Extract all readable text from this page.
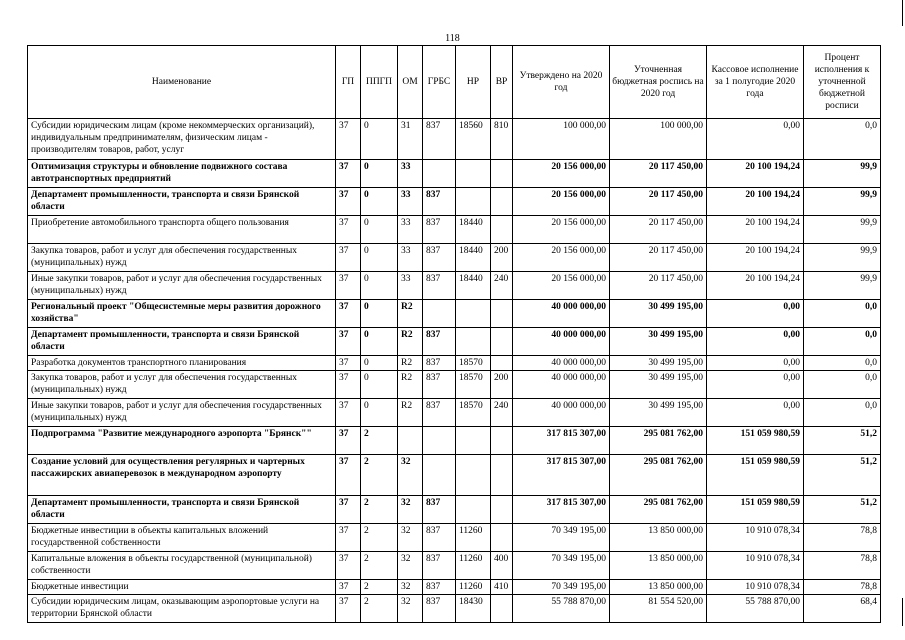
118
Наименование	ГП	ППГП	ОМ	ГРБС	НР	ВР	Утверждено на 2020 год	Уточненная бюджетная роспись на 2020 год	Кассовое исполнение за 1 полугодие 2020 года	Процент исполнения к уточненной бюджетной росписи
Субсидии юридическим лицам (кроме некоммерческих организаций), индивидуальным предпринимателям, физическим лицам - производителям товаров, работ, услуг	37	0	31	837	18560	810	100 000,00	100 000,00	0,00	0,0
Оптимизация структуры и обновление подвижного состава автотранспортных предприятий	37	0	33				20 156 000,00	20 117 450,00	20 100 194,24	99,9
Департамент промышленности, транспорта и связи Брянской области	37	0	33	837			20 156 000,00	20 117 450,00	20 100 194,24	99,9
Приобретение автомобильного транспорта общего пользования	37	0	33	837	18440		20 156 000,00	20 117 450,00	20 100 194,24	99,9
Закупка товаров, работ и услуг для обеспечения государственных (муниципальных) нужд	37	0	33	837	18440	200	20 156 000,00	20 117 450,00	20 100 194,24	99,9
Иные закупки товаров, работ и услуг для обеспечения государственных (муниципальных) нужд	37	0	33	837	18440	240	20 156 000,00	20 117 450,00	20 100 194,24	99,9
Региональный проект "Общесистемные меры развития дорожного хозяйства"	37	0	R2				40 000 000,00	30 499 195,00	0,00	0,0
Департамент промышленности, транспорта и связи Брянской области	37	0	R2	837			40 000 000,00	30 499 195,00	0,00	0,0
Разработка документов транспортного планирования	37	0	R2	837	18570		40 000 000,00	30 499 195,00	0,00	0,0
Закупка товаров, работ и услуг для обеспечения государственных (муниципальных) нужд	37	0	R2	837	18570	200	40 000 000,00	30 499 195,00	0,00	0,0
Иные закупки товаров, работ и услуг для обеспечения государственных (муниципальных) нужд	37	0	R2	837	18570	240	40 000 000,00	30 499 195,00	0,00	0,0
Подпрограмма "Развитие международного аэропорта "Брянск""	37	2					317 815 307,00	295 081 762,00	151 059 980,59	51,2
Создание условий для осуществления регулярных и чартерных пассажирских авиаперевозок в международном аэропорту	37	2	32				317 815 307,00	295 081 762,00	151 059 980,59	51,2
Департамент промышленности, транспорта и связи Брянской области	37	2	32	837			317 815 307,00	295 081 762,00	151 059 980,59	51,2
Бюджетные инвестиции в объекты капитальных вложений государственной собственности	37	2	32	837	11260		70 349 195,00	13 850 000,00	10 910 078,34	78,8
Капитальные вложения в объекты государственной (муниципальной) собственности	37	2	32	837	11260	400	70 349 195,00	13 850 000,00	10 910 078,34	78,8
Бюджетные инвестиции	37	2	32	837	11260	410	70 349 195,00	13 850 000,00	10 910 078,34	78,8
Субсидии юридическим лицам, оказывающим аэропортовые услуги на территории Брянской области	37	2	32	837	18430		55 788 870,00	81 554 520,00	55 788 870,00	68,4
